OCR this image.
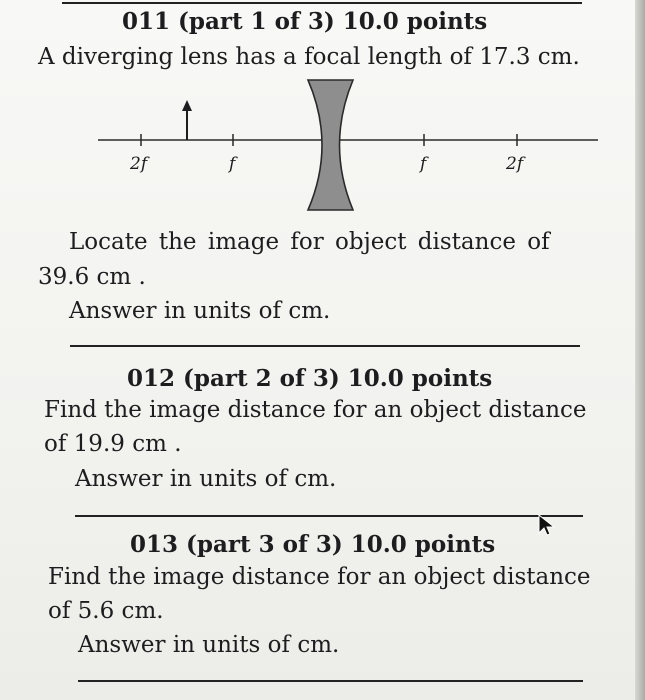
011 (part 1 of 3) 10.0 points
A diverging lens has a focal length of 17.3 cm.
2f	f	f	2f
Locate the image for object distance of
39.6 cm .
Answer in units of cm.
012 (part 2 of 3) 10.0 points
Find the image distance for an object distance
of 19.9 cm .
Answer in units of cm.
013 (part 3 of 3) 10.0 points
Find the image distance for an object distance
of 5.6 cm.
Answer in units of cm.
